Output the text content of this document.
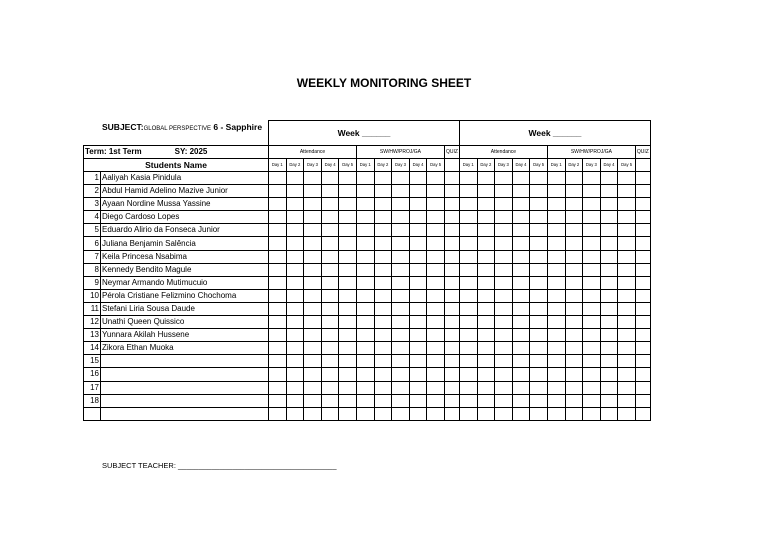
WEEKLY MONITORING SHEET
SUBJECT:GLOBAL PERSPECTIVE 6 - Sapphire
		Week ______											Week ______										
Term: 1st Term SY: 2025		Attendance					SW/HW/PROJ/GA					QUIZ	Attendance					SW/HW/PROJ/GA					QUIZ
Students Name		Day 1	Day 2	Day 3	Day 4	Day 5	Day 1	Day 2	Day 3	Day 4	Day 5		Day 1	Day 2	Day 3	Day 4	Day 5	Day 1	Day 2	Day 3	Day 4	Day 5	
1	Aaliyah Kasia Pinidula																						
2	Abdul Hamid Adelino Mazive Junior																						
3	Ayaan Nordine Mussa Yassine																						
4	Diego Cardoso Lopes																						
5	Eduardo Alirio da Fonseca Junior																						
6	Juliana Benjamin Salência																						
7	Keila Princesa Nsabima																						
8	Kennedy Bendito Magule																						
9	Neymar Armando Mutimucuio																						
10	Pérola Cristiane Felizmino Chochoma																						
11	Stefani Liria Sousa Daude																						
12	Unathi Queen Quissico																						
13	Yunnara Akilah Hussene																						
14	Zikora Ethan Muoka																						
15																							
16																							
17																							
18																							

SUBJECT TEACHER: ______________________________________
